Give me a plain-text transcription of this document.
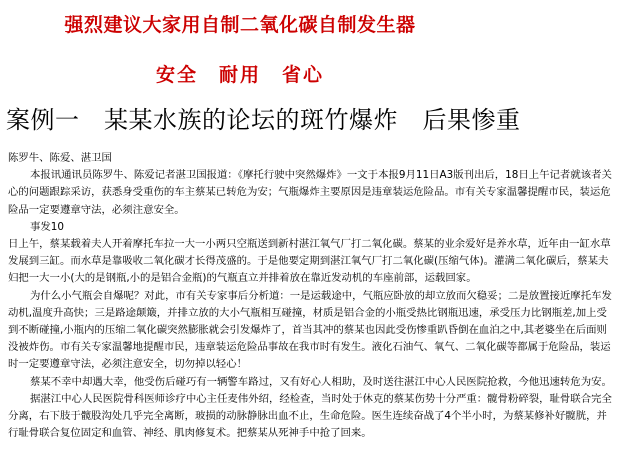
强烈建议大家用自制二氧化碳自制发生器
安全　耐用　省心
案例一　某某水族的论坛的斑竹爆炸　后果惨重

陈罗牛、陈爱、湛卫国

本报讯通讯员陈罗牛、陈爱记者湛卫国报道：《摩托行驶中突然爆炸》一文于本报9月11日A3版刊出后，18日上午记者就该者关心的问题跟踪采访，获悉身受重伤的车主蔡某已转危为安；气瓶爆炸主要原因是违章装运危险品。市有关专家温馨提醒市民，装运危险品一定要遵章守法，必须注意安全。

事发10

日上午，蔡某载着夫人开着摩托车拉一大一小两只空瓶送到新村湛江氧气厂打二氧化碳。蔡某的业余爱好是养水草，近年由一缸水草发展到三缸。而水草是靠吸收二氧化碳才长得茂盛的。于是他要定期到湛江氧气厂打二氧化碳(压缩气体)。灌满二氧化碳后，蔡某夫妇把一大一小(大的是钢瓶,小的是铝合金瓶)的气瓶直立并排着放在靠近发动机的车座前部，运载回家。

为什么小气瓶会自爆呢？对此，市有关专家事后分析道：一是运载途中，气瓶应卧放的却立放而欠稳妥；二是放置接近摩托车发动机,温度升高快；三是路途颠簸，并排立放的大小气瓶相互碰撞，材质是铝合金的小瓶受热比钢瓶迅速，承受压力比钢瓶差,加上受到不断碰撞,小瓶内的压缩二氧化碳突然膨胀就会引发爆炸了，首当其冲的蔡某也因此受伤惨重趴昏倒在血泊之中,其老婆坐在后面则没被炸伤。市有关专家温馨地提醒市民，违章装运危险品事故在我市时有发生。液化石油气、氧气、二氧化碳等都属于危险品，装运时一定要遵章守法，必须注意安全，切勿掉以轻心！

蔡某不幸中却遇大幸，他受伤后碰巧有一辆警车路过，又有好心人相助，及时送往湛江中心人民医院抢救，今他迅速转危为安。

据湛江中心人民医院骨科医师诊疗中心主任麦伟外绍，经检查，当时处于休克的蔡某伤势十分严重：髋骨粉碎裂，耻骨联合完全分离，右下肢于髋股沟处几乎完全离断，玻损的动脉静脉出血不止，生命危险。医生连续奋战了4个半小时，为蔡某修补好髋胱，并行耻骨联合复位固定和血管、神经、肌肉修复术。把蔡某从死神手中抢了回来。
